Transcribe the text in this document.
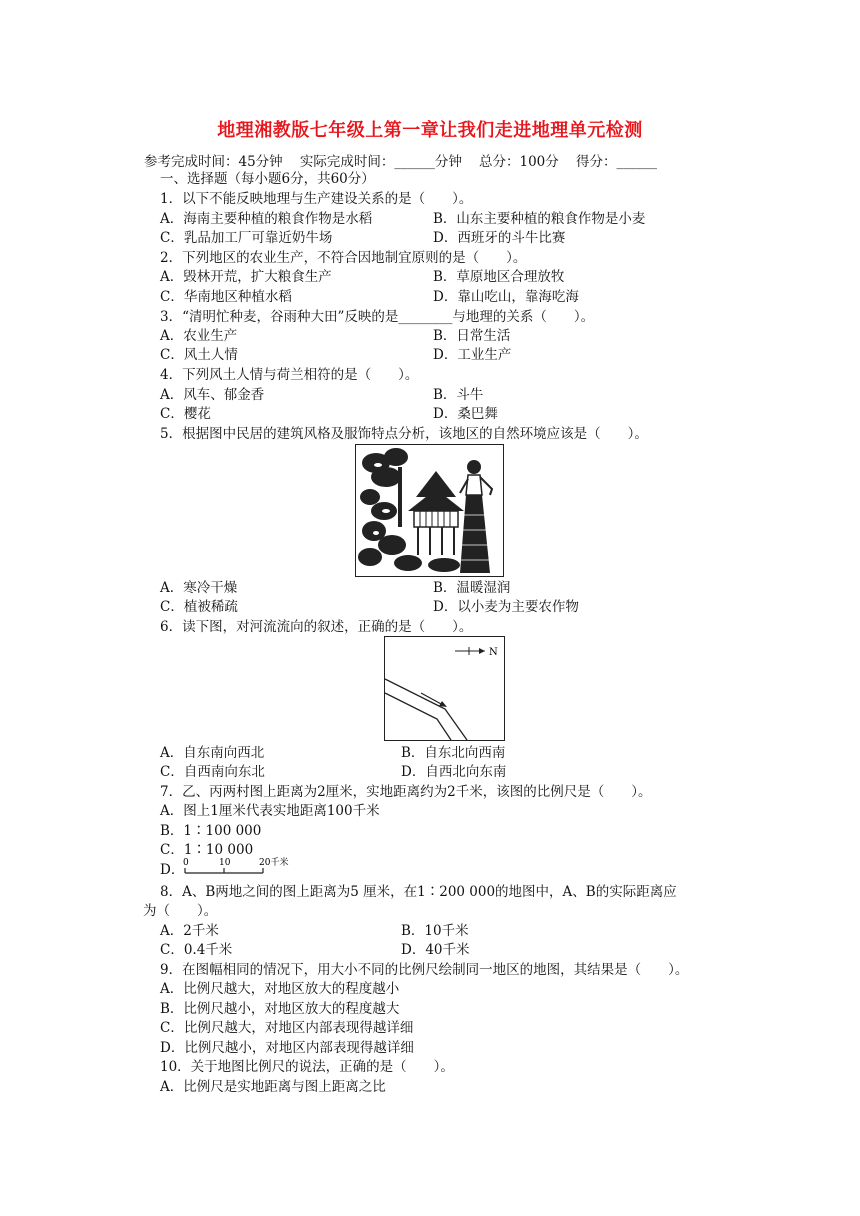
地理湘教版七年级上第一章让我们走进地理单元检测
参考完成时间：45分钟    实际完成时间：______分钟    总分：100分    得分：______
一、选择题（每小题6分，共60分）
1．以下不能反映地理与生产建设关系的是（　　）。
A．海南主要种植的粮食作物是水稻	B．山东主要种植的粮食作物是小麦
C．乳品加工厂可靠近奶牛场	D．西班牙的斗牛比赛
2．下列地区的农业生产，不符合因地制宜原则的是（　　）。
A．毁林开荒，扩大粮食生产	B．草原地区合理放牧
C．华南地区种植水稻	D．靠山吃山，靠海吃海
3．“清明忙种麦，谷雨种大田”反映的是________与地理的关系（　　）。
A．农业生产	B．日常生活
C．风土人情	D．工业生产
4．下列风土人情与荷兰相符的是（　　）。
A．风车、郁金香	B．斗牛
C．樱花	D．桑巴舞
5．根据图中民居的建筑风格及服饰特点分析，该地区的自然环境应该是（　　）。
A．寒冷干燥	B．温暖湿润
C．植被稀疏	D．以小麦为主要农作物
6．读下图，对河流流向的叙述，正确的是（　　）。
N
A．自东南向西北	B．自东北向西南
C．自西南向东北	D．自西北向东南
7．乙、丙两村图上距离为2厘米，实地距离约为2千米，该图的比例尺是（　　）。
A．图上1厘米代表实地距离100千米
B．1∶100 000
C．1∶10 000
D．
0	10	20千米
8．A、B两地之间的图上距离为5 厘米，在1∶200 000的地图中，A、B的实际距离应
为（　　）。
A．2千米	B．10千米
C．0.4千米	D．40千米
9．在图幅相同的情况下，用大小不同的比例尺绘制同一地区的地图，其结果是（　　）。
A．比例尺越大，对地区放大的程度越小
B．比例尺越小，对地区放大的程度越大
C．比例尺越大，对地区内部表现得越详细
D．比例尺越小，对地区内部表现得越详细
10．关于地图比例尺的说法，正确的是（　　）。
A．比例尺是实地距离与图上距离之比
